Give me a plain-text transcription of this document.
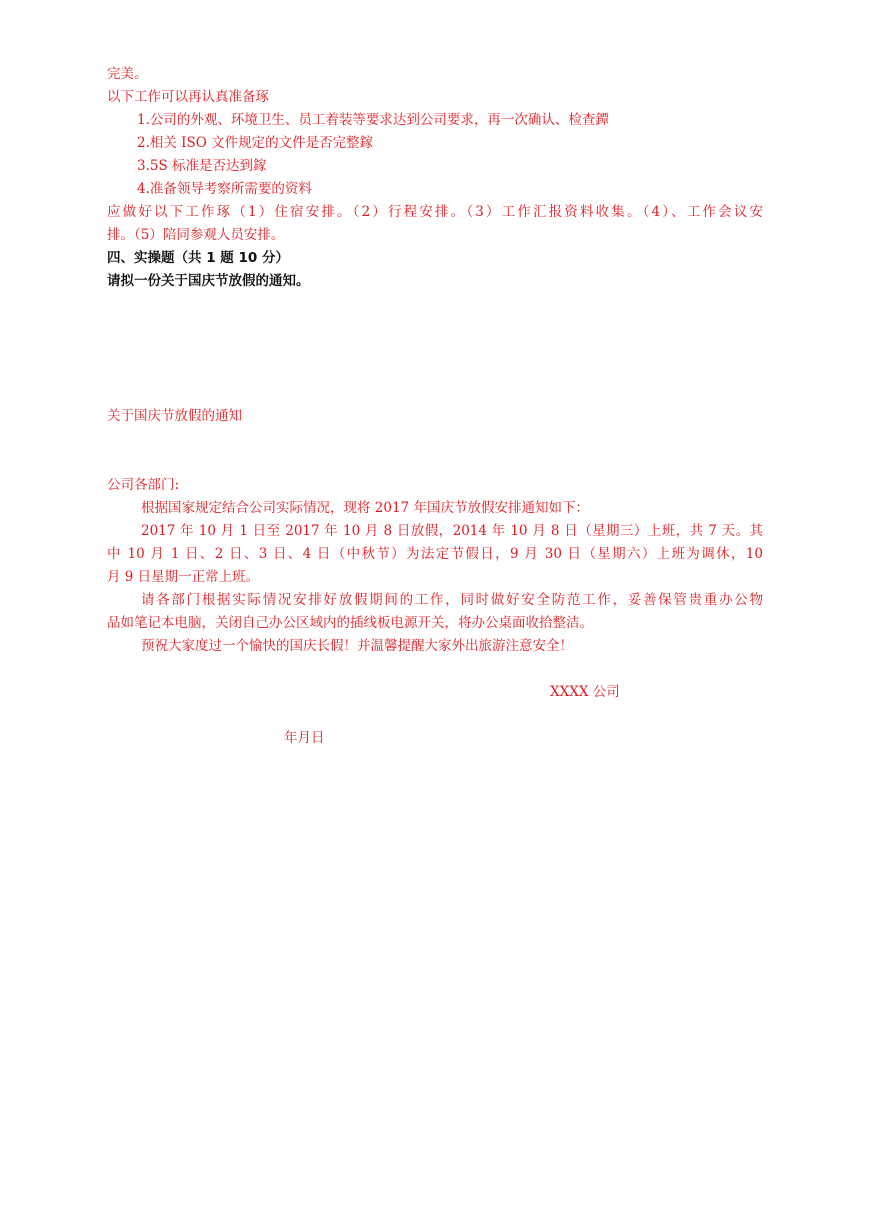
完美。
以下工作可以再认真准备琢
1.公司的外观、环境卫生、员工着装等要求达到公司要求，再一次确认、检查鐔
2.相关 ISO 文件规定的文件是否完整鎵
3.5S 标准是否达到鎵
4.准备领导考察所需要的资料
应做好以下工作琢（1）住宿安排。（2）行程安排。（3）工作汇报资料收集。（4）、工作会议安
排。（5）陪同参观人员安排。
四、实操题（共 1 题 10 分）
请拟一份关于国庆节放假的通知。
关于国庆节放假的通知
公司各部门:
根据国家规定结合公司实际情况，现将 2017 年国庆节放假安排通知如下：
2017 年 10 月 1 日至 2017 年 10 月 8 日放假，2014 年 10 月 8 日（星期三）上班，共 7 天。其
中 10 月 1 日、2 日、3 日、4 日（中秋节）为法定节假日，9 月 30 日（星期六）上班为调休，10
月 9 日星期一正常上班。
请各部门根据实际情况安排好放假期间的工作，同时做好安全防范工作，妥善保管贵重办公物
品如笔记本电脑，关闭自己办公区域内的插线板电源开关，将办公桌面收拾整洁。
预祝大家度过一个愉快的国庆长假！并温馨提醒大家外出旅游注意安全！
XXXX 公司
年月日
